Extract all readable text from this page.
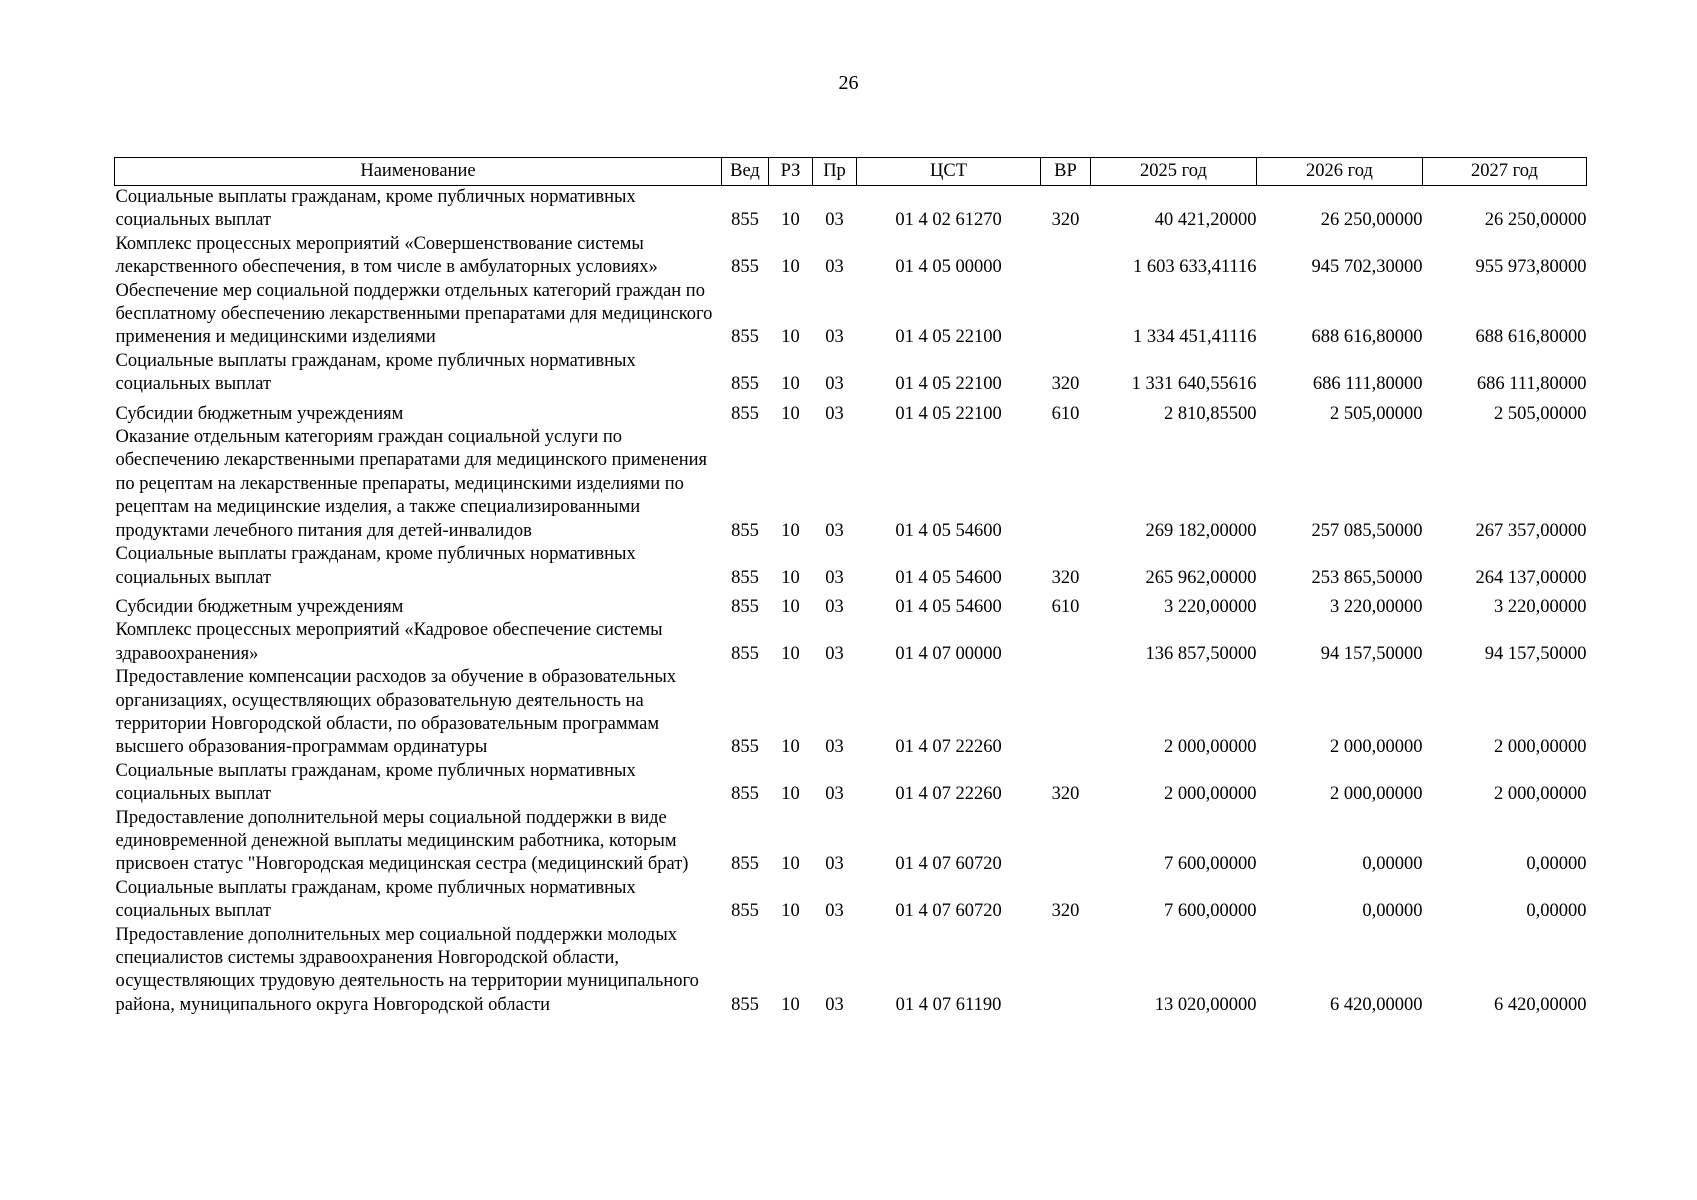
26
Наименование	Вед	РЗ	Пр	ЦСТ	ВР	2025 год	2026 год	2027 год
Социальные выплаты гражданам, кроме публичных нормативных социальных выплат	855	10	03	01 4 02 61270	320	40 421,20000	26 250,00000	26 250,00000
Комплекс процессных мероприятий «Совершенствование системы лекарственного обеспечения, в том числе в амбулаторных условиях»	855	10	03	01 4 05 00000		1 603 633,41116	945 702,30000	955 973,80000
Обеспечение мер социальной поддержки отдельных категорий граждан по бесплатному обеспечению лекарственными препаратами для медицинского применения и медицинскими изделиями	855	10	03	01 4 05 22100		1 334 451,41116	688 616,80000	688 616,80000
Социальные выплаты гражданам, кроме публичных нормативных социальных выплат	855	10	03	01 4 05 22100	320	1 331 640,55616	686 111,80000	686 111,80000
Субсидии бюджетным учреждениям	855	10	03	01 4 05 22100	610	2 810,85500	2 505,00000	2 505,00000
Оказание отдельным категориям граждан социальной услуги по обеспечению лекарственными препаратами для медицинского применения по рецептам на лекарственные препараты, медицинскими изделиями по рецептам на медицинские изделия, а также специализированными продуктами лечебного питания для детей-инвалидов	855	10	03	01 4 05 54600		269 182,00000	257 085,50000	267 357,00000
Социальные выплаты гражданам, кроме публичных нормативных социальных выплат	855	10	03	01 4 05 54600	320	265 962,00000	253 865,50000	264 137,00000
Субсидии бюджетным учреждениям	855	10	03	01 4 05 54600	610	3 220,00000	3 220,00000	3 220,00000
Комплекс процессных мероприятий «Кадровое обеспечение системы здравоохранения»	855	10	03	01 4 07 00000		136 857,50000	94 157,50000	94 157,50000
Предоставление компенсации расходов за обучение в образовательных организациях, осуществляющих образовательную деятельность на территории Новгородской области, по образовательным программам высшего образования-программам ординатуры	855	10	03	01 4 07 22260		2 000,00000	2 000,00000	2 000,00000
Социальные выплаты гражданам, кроме публичных нормативных социальных выплат	855	10	03	01 4 07 22260	320	2 000,00000	2 000,00000	2 000,00000
Предоставление дополнительной меры социальной поддержки в виде единовременной денежной выплаты медицинским работника, которым присвоен статус "Новгородская медицинская сестра (медицинский брат)	855	10	03	01 4 07 60720		7 600,00000	0,00000	0,00000
Социальные выплаты гражданам, кроме публичных нормативных социальных выплат	855	10	03	01 4 07 60720	320	7 600,00000	0,00000	0,00000
Предоставление дополнительных мер социальной поддержки молодых специалистов системы здравоохранения Новгородской области, осуществляющих трудовую деятельность на территории муниципального района, муниципального округа Новгородской области	855	10	03	01 4 07 61190		13 020,00000	6 420,00000	6 420,00000
